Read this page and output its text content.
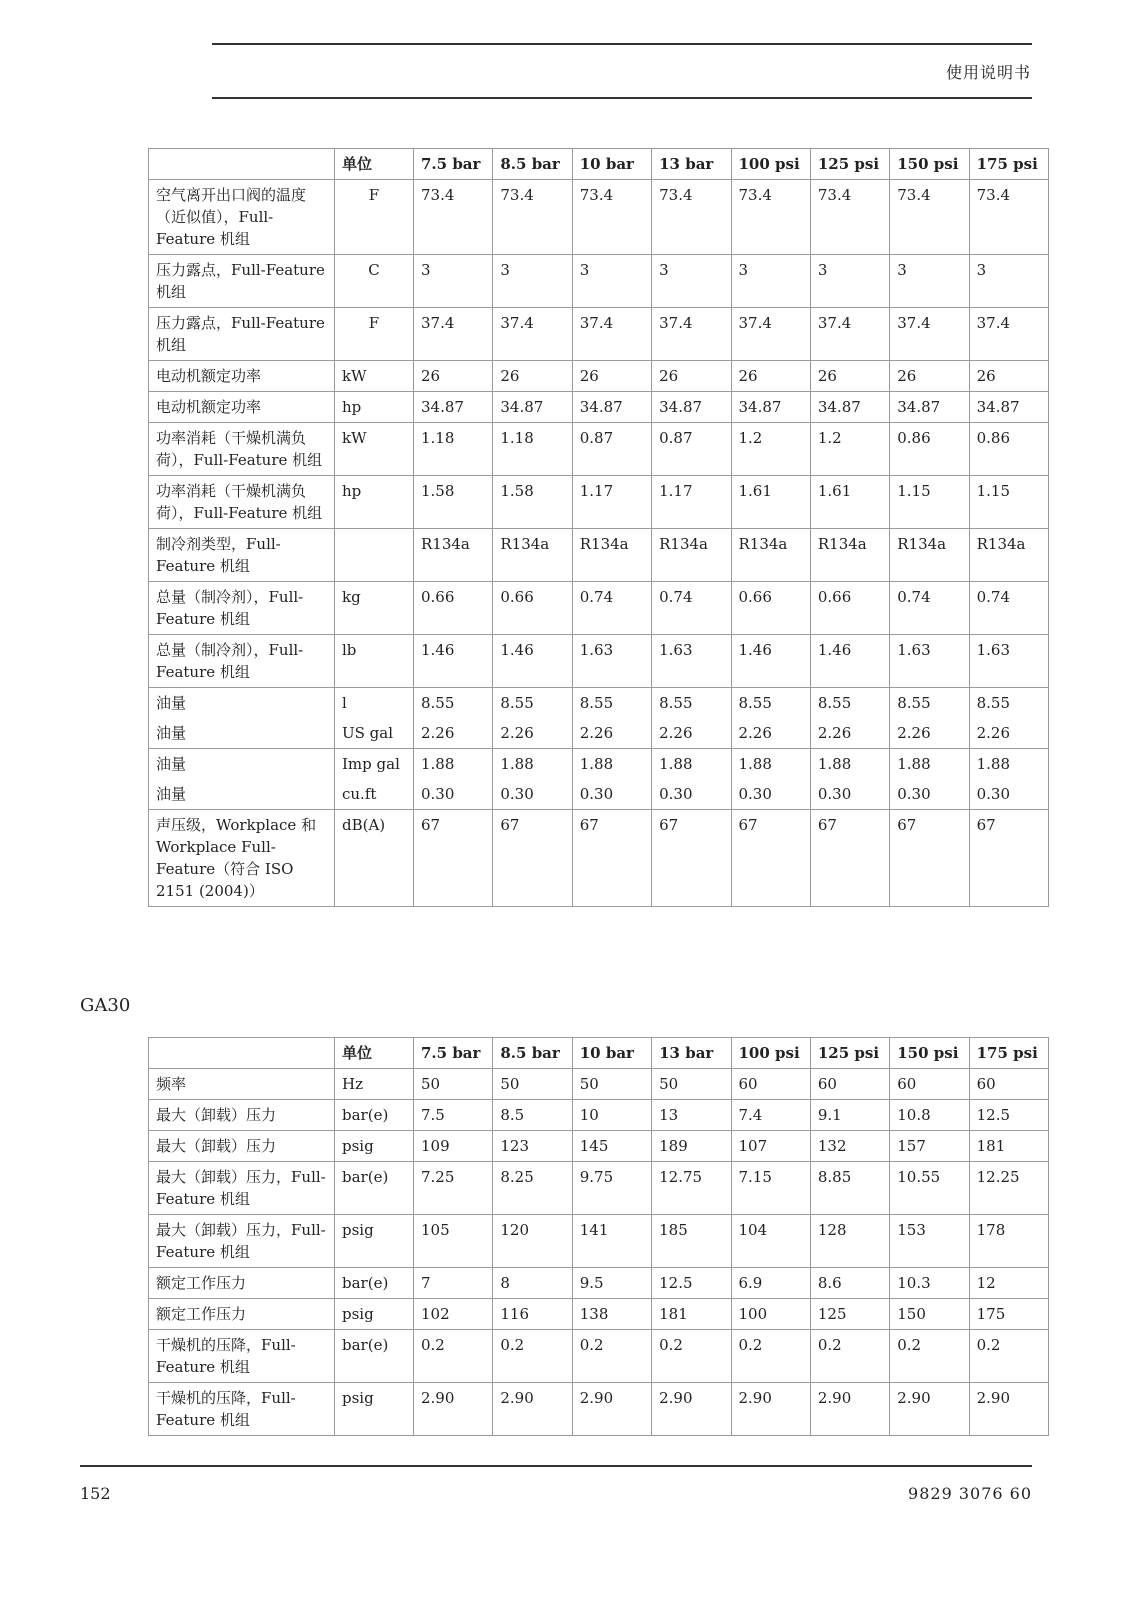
使用说明书
	单位	7.5 bar	8.5 bar	10 bar	13 bar	100 psi	125 psi	150 psi	175 psi
空气离开出口阀的温度（近似值），Full-Feature 机组	F	73.4	73.4	73.4	73.4	73.4	73.4	73.4	73.4
压力露点，Full-Feature 机组	C	3	3	3	3	3	3	3	3
压力露点，Full-Feature 机组	F	37.4	37.4	37.4	37.4	37.4	37.4	37.4	37.4
电动机额定功率	kW	26	26	26	26	26	26	26	26
电动机额定功率	hp	34.87	34.87	34.87	34.87	34.87	34.87	34.87	34.87
功率消耗（干燥机满负荷），Full-Feature 机组	kW	1.18	1.18	0.87	0.87	1.2	1.2	0.86	0.86
功率消耗（干燥机满负荷），Full-Feature 机组	hp	1.58	1.58	1.17	1.17	1.61	1.61	1.15	1.15
制冷剂类型，Full-Feature 机组		R134a	R134a	R134a	R134a	R134a	R134a	R134a	R134a
总量（制冷剂），Full-Feature 机组	kg	0.66	0.66	0.74	0.74	0.66	0.66	0.74	0.74
总量（制冷剂），Full-Feature 机组	lb	1.46	1.46	1.63	1.63	1.46	1.46	1.63	1.63
油量	l	8.55	8.55	8.55	8.55	8.55	8.55	8.55	8.55
油量	US gal	2.26	2.26	2.26	2.26	2.26	2.26	2.26	2.26
油量	Imp gal	1.88	1.88	1.88	1.88	1.88	1.88	1.88	1.88
油量	cu.ft	0.30	0.30	0.30	0.30	0.30	0.30	0.30	0.30
声压级，Workplace 和 Workplace Full-Feature（符合 ISO 2151 (2004)）	dB(A)	67	67	67	67	67	67	67	67
GA30
	单位	7.5 bar	8.5 bar	10 bar	13 bar	100 psi	125 psi	150 psi	175 psi
频率	Hz	50	50	50	50	60	60	60	60
最大（卸载）压力	bar(e)	7.5	8.5	10	13	7.4	9.1	10.8	12.5
最大（卸载）压力	psig	109	123	145	189	107	132	157	181
最大（卸载）压力，Full-Feature 机组	bar(e)	7.25	8.25	9.75	12.75	7.15	8.85	10.55	12.25
最大（卸载）压力，Full-Feature 机组	psig	105	120	141	185	104	128	153	178
额定工作压力	bar(e)	7	8	9.5	12.5	6.9	8.6	10.3	12
额定工作压力	psig	102	116	138	181	100	125	150	175
干燥机的压降，Full-Feature 机组	bar(e)	0.2	0.2	0.2	0.2	0.2	0.2	0.2	0.2
干燥机的压降，Full-Feature 机组	psig	2.90	2.90	2.90	2.90	2.90	2.90	2.90	2.90
152	9829 3076 60
